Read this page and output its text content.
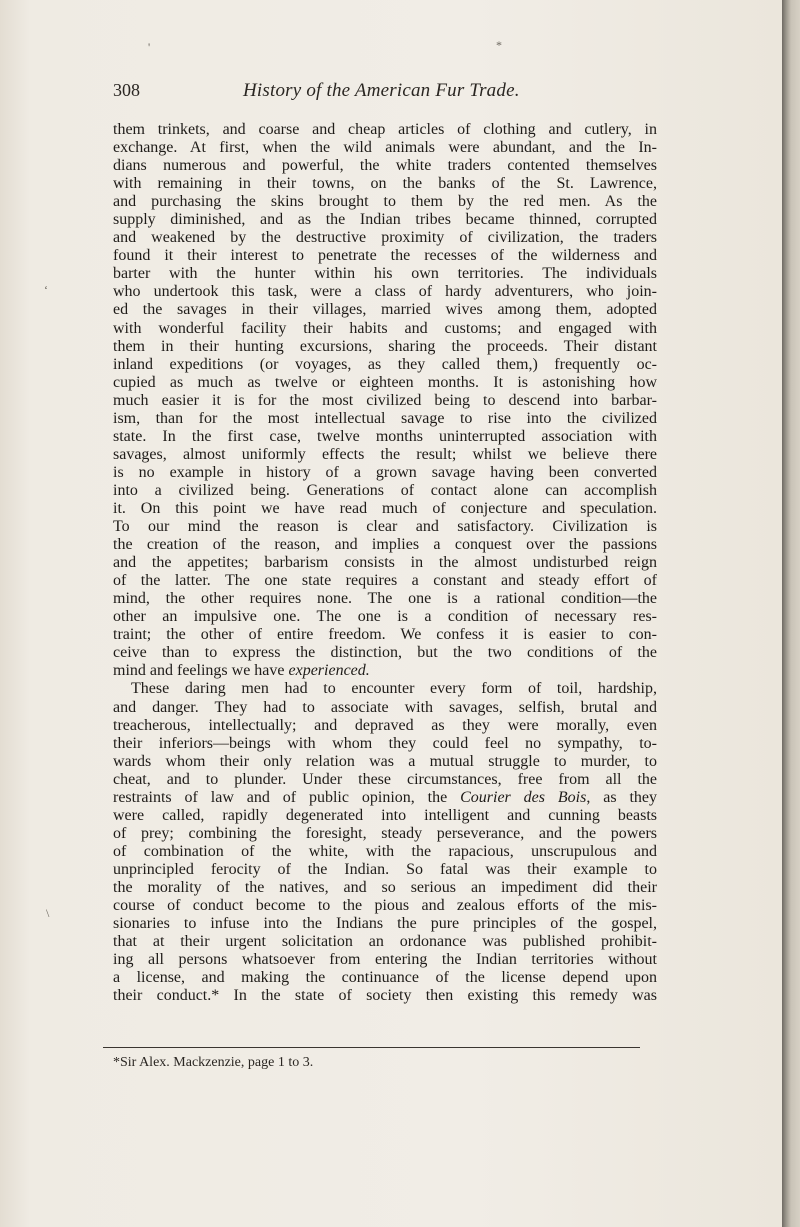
'	*
‘
\
308	History of the American Fur Trade.
them trinkets, and coarse and cheap articles of clothing and cutlery, in
exchange. At first, when the wild animals were abundant, and the In-
dians numerous and powerful, the white traders contented themselves
with remaining in their towns, on the banks of the St. Lawrence,
and purchasing the skins brought to them by the red men. As the
supply diminished, and as the Indian tribes became thinned, corrupted
and weakened by the destructive proximity of civilization, the traders
found it their interest to penetrate the recesses of the wilderness and
barter with the hunter within his own territories. The individuals
who undertook this task, were a class of hardy adventurers, who join-
ed the savages in their villages, married wives among them, adopted
with wonderful facility their habits and customs; and engaged with
them in their hunting excursions, sharing the proceeds. Their distant
inland expeditions (or voyages, as they called them,) frequently oc-
cupied as much as twelve or eighteen months. It is astonishing how
much easier it is for the most civilized being to descend into barbar-
ism, than for the most intellectual savage to rise into the civilized
state. In the first case, twelve months uninterrupted association with
savages, almost uniformly effects the result; whilst we believe there
is no example in history of a grown savage having been converted
into a civilized being. Generations of contact alone can accomplish
it. On this point we have read much of conjecture and speculation.
To our mind the reason is clear and satisfactory. Civilization is
the creation of the reason, and implies a conquest over the passions
and the appetites; barbarism consists in the almost undisturbed reign
of the latter. The one state requires a constant and steady effort of
mind, the other requires none. The one is a rational condition—the
other an impulsive one. The one is a condition of necessary res-
traint; the other of entire freedom. We confess it is easier to con-
ceive than to express the distinction, but the two conditions of the
mind and feelings we have experienced.
These daring men had to encounter every form of toil, hardship,
and danger. They had to associate with savages, selfish, brutal and
treacherous, intellectually; and depraved as they were morally, even
their inferiors—beings with whom they could feel no sympathy, to-
wards whom their only relation was a mutual struggle to murder, to
cheat, and to plunder. Under these circumstances, free from all the
restraints of law and of public opinion, the Courier des Bois, as they
were called, rapidly degenerated into intelligent and cunning beasts
of prey; combining the foresight, steady perseverance, and the powers
of combination of the white, with the rapacious, unscrupulous and
unprincipled ferocity of the Indian. So fatal was their example to
the morality of the natives, and so serious an impediment did their
course of conduct become to the pious and zealous efforts of the mis-
sionaries to infuse into the Indians the pure principles of the gospel,
that at their urgent solicitation an ordonance was published prohibit-
ing all persons whatsoever from entering the Indian territories without
a license, and making the continuance of the license depend upon
their conduct.* In the state of society then existing this remedy was
*Sir Alex. Mackzenzie, page 1 to 3.
